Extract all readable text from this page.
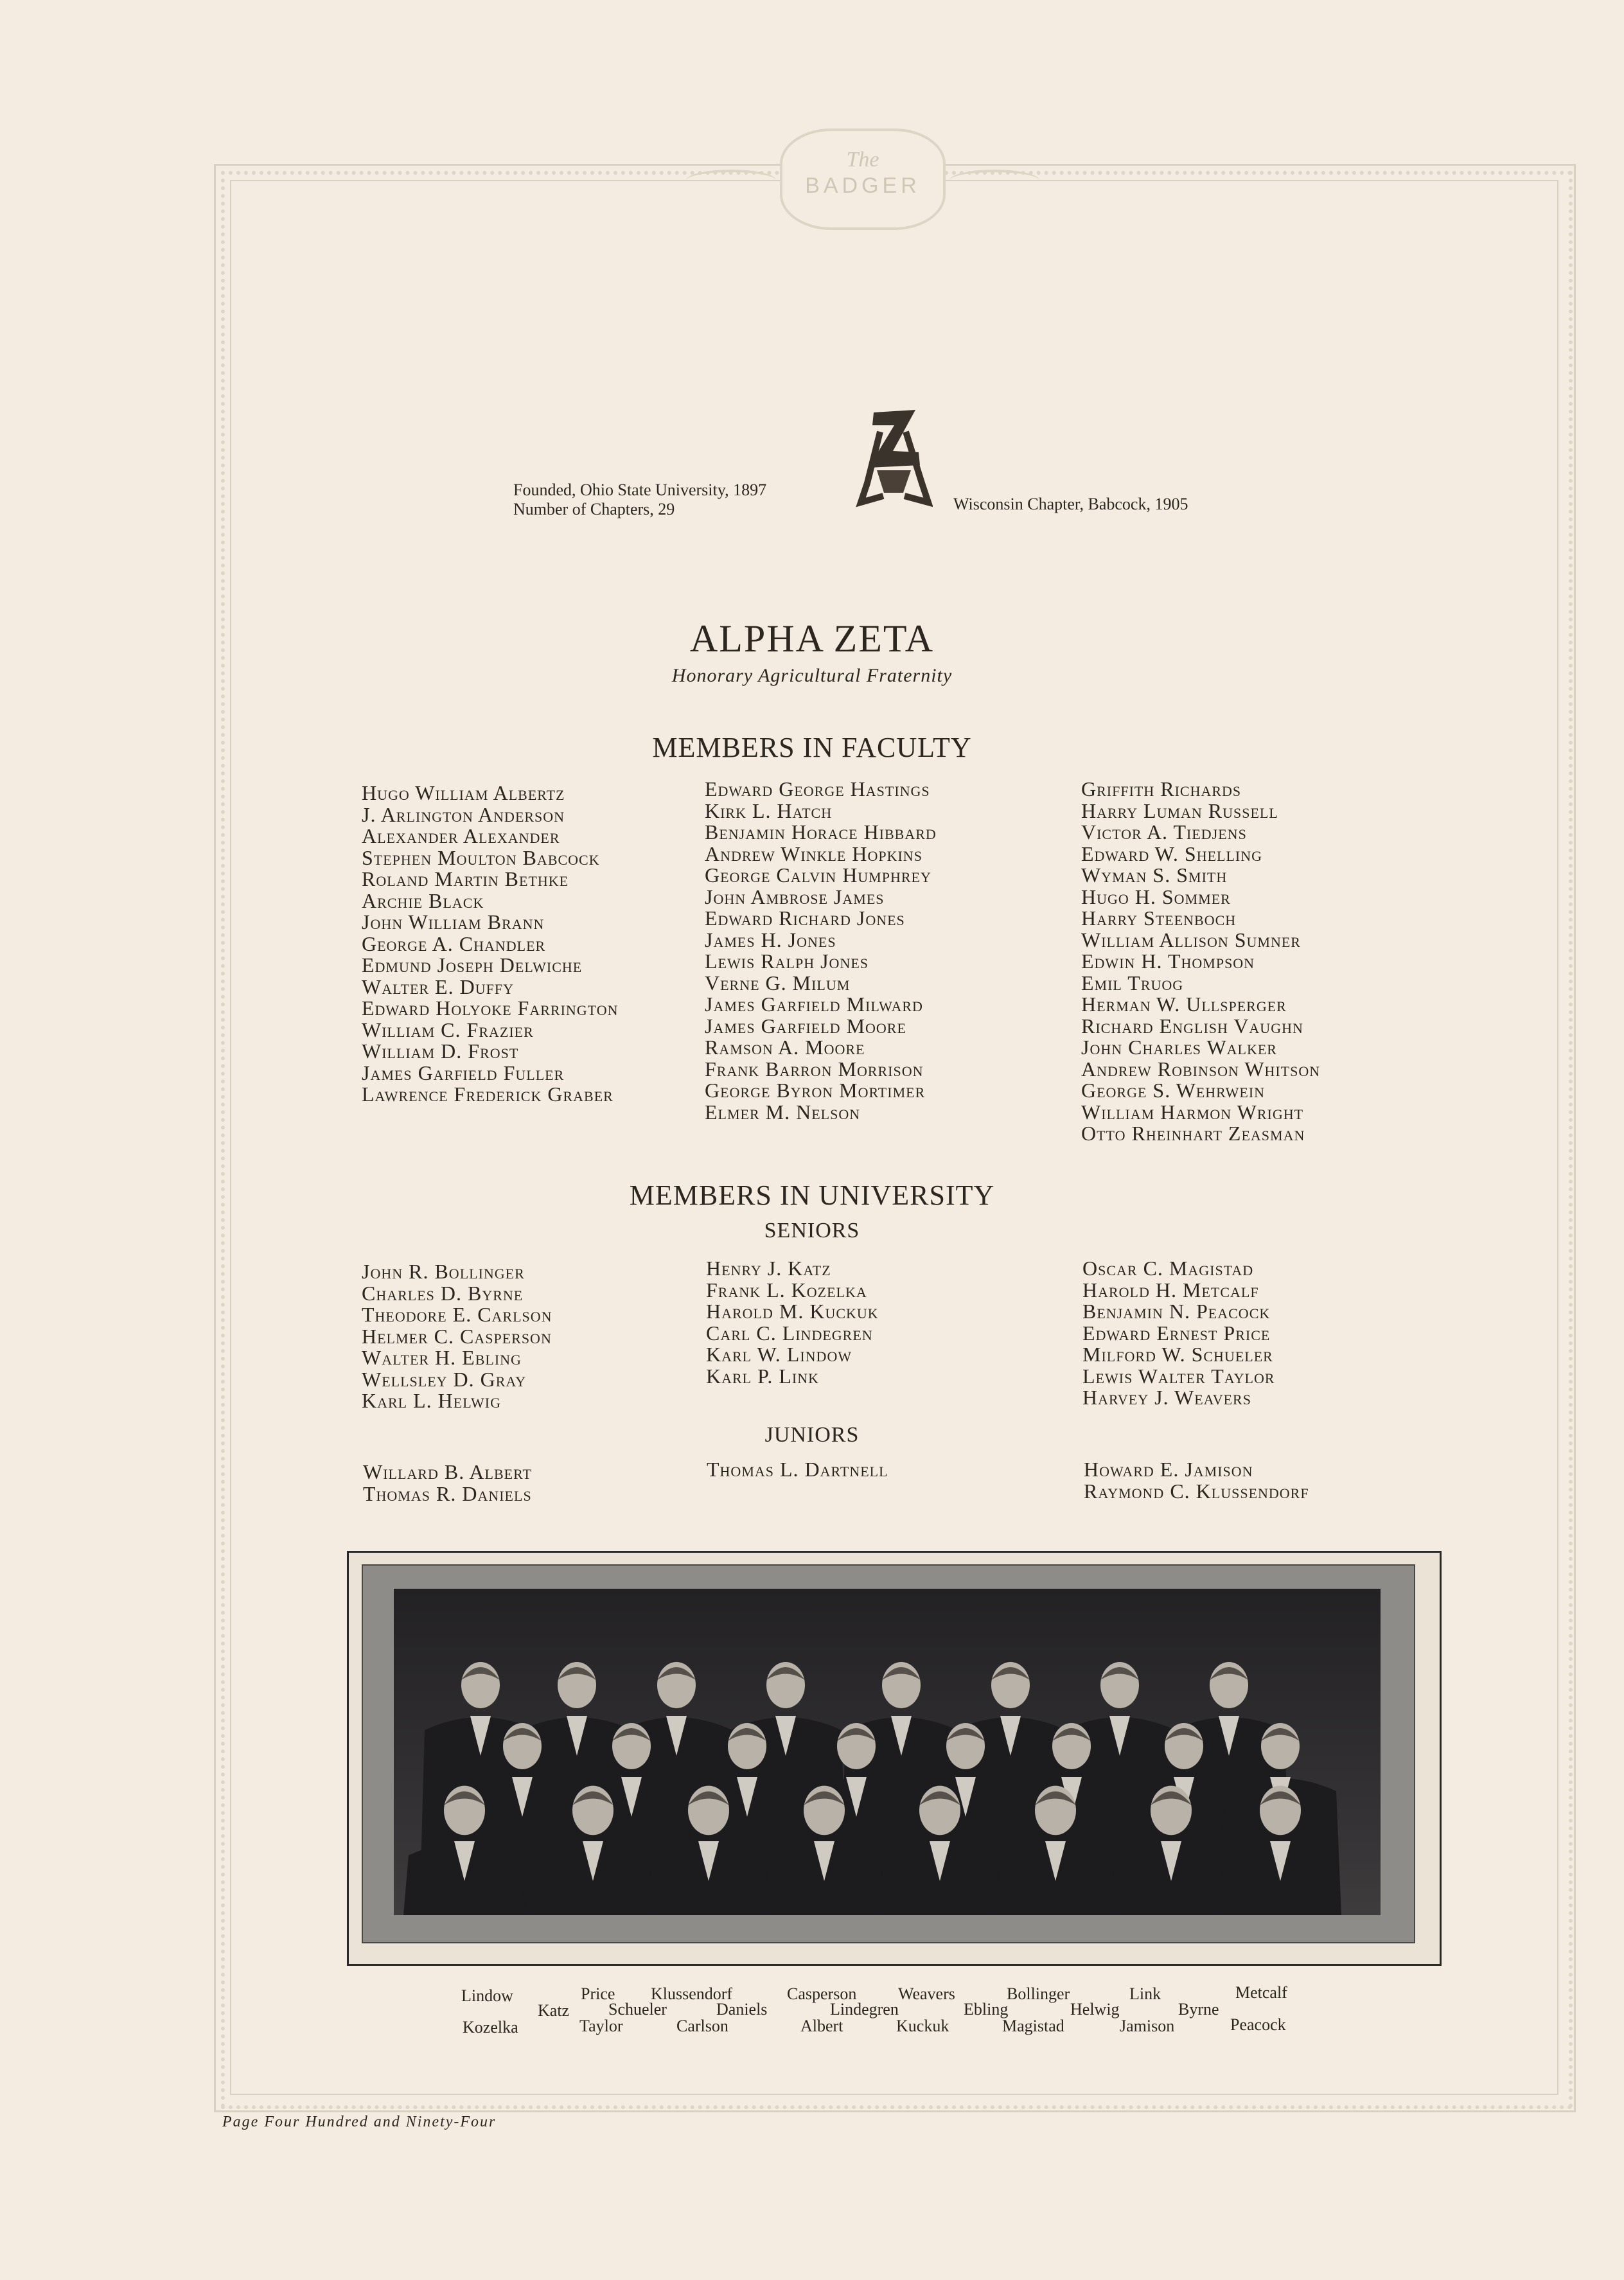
The
BADGER
Founded, Ohio State University, 1897
Number of Chapters, 29	Wisconsin Chapter, Babcock, 1905
ALPHA ZETA
Honorary Agricultural Fraternity
MEMBERS IN FACULTY
Hugo William Albertz
J. Arlington Anderson
Alexander Alexander
Stephen Moulton Babcock
Roland Martin Bethke
Archie Black
John William Brann
George A. Chandler
Edmund Joseph Delwiche
Walter E. Duffy
Edward Holyoke Farrington
William C. Frazier
William D. Frost
James Garfield Fuller
Lawrence Frederick Graber
Edward George Hastings
Kirk L. Hatch
Benjamin Horace Hibbard
Andrew Winkle Hopkins
George Calvin Humphrey
John Ambrose James
Edward Richard Jones
James H. Jones
Lewis Ralph Jones
Verne G. Milum
James Garfield Milward
James Garfield Moore
Ramson A. Moore
Frank Barron Morrison
George Byron Mortimer
Elmer M. Nelson
Griffith Richards
Harry Luman Russell
Victor A. Tiedjens
Edward W. Shelling
Wyman S. Smith
Hugo H. Sommer
Harry Steenboch
William Allison Sumner
Edwin H. Thompson
Emil Truog
Herman W. Ullsperger
Richard English Vaughn
John Charles Walker
Andrew Robinson Whitson
George S. Wehrwein
William Harmon Wright
Otto Rheinhart Zeasman
MEMBERS IN UNIVERSITY
SENIORS
John R. Bollinger
Charles D. Byrne
Theodore E. Carlson
Helmer C. Casperson
Walter H. Ebling
Wellsley D. Gray
Karl L. Helwig
Henry J. Katz
Frank L. Kozelka
Harold M. Kuckuk
Carl C. Lindegren
Karl W. Lindow
Karl P. Link
Oscar C. Magistad
Harold H. Metcalf
Benjamin N. Peacock
Edward Ernest Price
Milford W. Schueler
Lewis Walter Taylor
Harvey J. Weavers
JUNIORS
Willard B. Albert
Thomas R. Daniels
Thomas L. Dartnell	Howard E. Jamison
Raymond C. Klussendorf
Lindow	Price Klussendorf	Casperson Weavers	Bollinger	Link	Metcalf
Katz Schueler	Daniels	Lindegren	Ebling	Helwig	Byrne
Kozelka	Taylor	Carlson	Albert	Kuckuk	Magistad	Jamison	Peacock
Page Four Hundred and Ninety-Four
